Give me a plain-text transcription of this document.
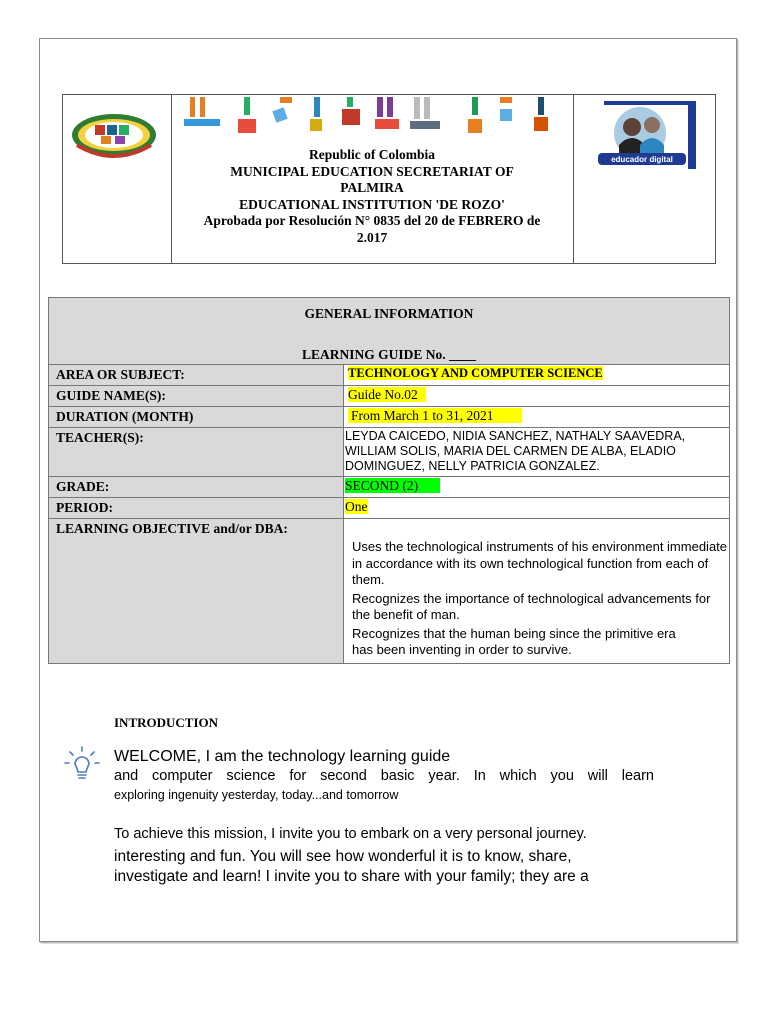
Republic of Colombia
MUNICIPAL EDUCATION SECRETARIAT OF
PALMIRA
EDUCATIONAL INSTITUTION 'DE ROZO'
Aprobada por Resolución N° 0835 del 20 de FEBRERO de
2.017
educador digital
GENERAL INFORMATION
LEARNING GUIDE No. ____
AREA OR SUBJECT:	TECHNOLOGY AND COMPUTER SCIENCE
GUIDE NAME(S):	Guide No.02
DURATION (MONTH)	From March 1 to 31, 2021
TEACHER(S):	LEYDA CAICEDO, NIDIA SANCHEZ, NATHALY SAAVEDRA, WILLIAM SOLIS, MARIA DEL CARMEN DE ALBA, ELADIO DOMINGUEZ, NELLY PATRICIA GONZALEZ.
GRADE:	SECOND (2)
PERIOD:	One
LEARNING OBJECTIVE and/or DBA:
Uses the technological instruments of his environment immediate in accordance with its own technological function from each of them.
Recognizes the importance of technological advancements for the benefit of man.
Recognizes that the human being since the primitive era has been inventing in order to survive.
INTRODUCTION
WELCOME, I am the technology learning guide
and computer science for second basic year. In which you will learn
exploring ingenuity yesterday, today...and tomorrow
To achieve this mission, I invite you to embark on a very personal journey.
interesting and fun. You will see how wonderful it is to know, share,
investigate and learn! I invite you to share with your family; they are a
